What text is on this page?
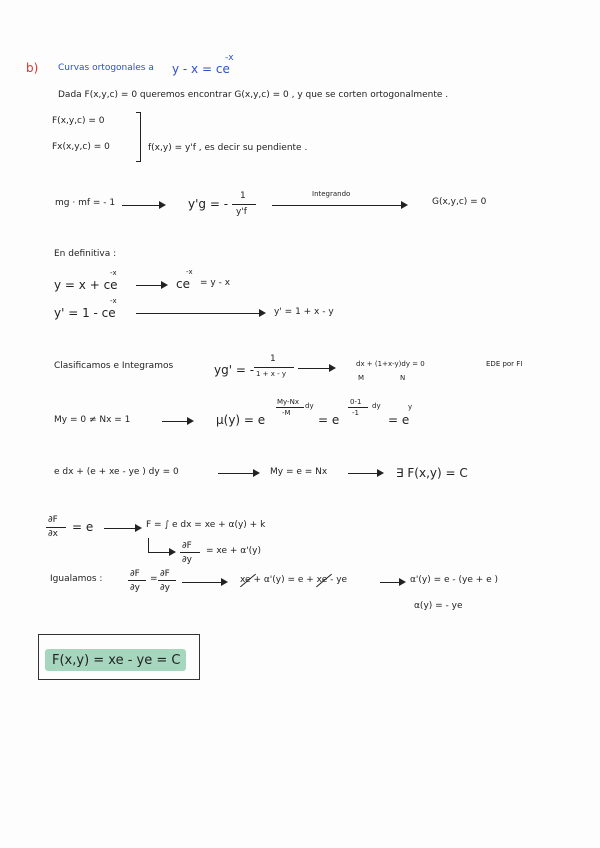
b) Curvas ortogonales a y - x = ce
-x
Dada F(x,y,c) = 0 queremos encontrar G(x,y,c) = 0 , y que se corten ortogonalmente .
F(x,y,c) = 0
Fx(x,y,c) = 0	f(x,y) = y'f , es decir su pendiente .
mg · mf = - 1	y'g = -
1
y'f
Integrando
G(x,y,c) = 0
En definitiva :
y = x + ce
-x
ce
-x
= y - x
y' = 1 - ce
-x
y' = 1 + x - y
Clasificamos e Integramos	yg' = -
1
1 + x - y
dx + (1+x-y)dy = 0
M	N
EDE por FI
My = 0 ≠ Nx = 1	μ(y) = e
My-Nx
-M
dy
= e
0-1
-1
dy
= e
y
e dx + (e + xe - ye ) dy = 0	My = e = Nx	∃ F(x,y) = C
∂F
∂x = e	F = ∫ e dx = xe + α(y) + k
∂F
∂y
= xe + α'(y)
Igualamos :	∂F
∂y
= ∂F
∂y
xe + α'(y) = e + xe - ye	α'(y) = e - (ye + e )
α(y) = - ye
F(x,y) = xe - ye = C
